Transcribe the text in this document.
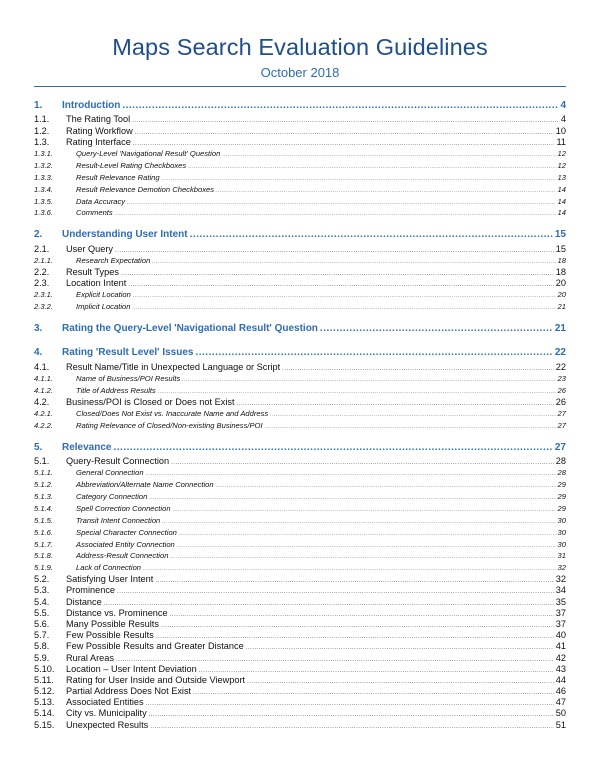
Maps Search Evaluation Guidelines
October 2018
1.	Introduction .....	4
1.1.	The Rating Tool .....	4
1.2.	Rating Workflow .....	10
1.3.	Rating Interface .....	11
1.3.1.	Query-Level 'Navigational Result' Question .....	12
1.3.2.	Result-Level Rating Checkboxes .....	12
1.3.3.	Result Relevance Rating .....	13
1.3.4.	Result Relevance Demotion Checkboxes .....	14
1.3.5.	Data Accuracy .....	14
1.3.6.	Comments .....	14
2.	Understanding User Intent .....	15
2.1.	User Query .....	15
2.1.1.	Research Expectation .....	18
2.2.	Result Types .....	18
2.3.	Location Intent .....	20
2.3.1.	Explicit Location .....	20
2.3.2.	Implicit Location .....	21
3.	Rating the Query-Level 'Navigational Result' Question .....	21
4.	Rating 'Result Level' Issues .....	22
4.1.	Result Name/Title in Unexpected Language or Script .....	22
4.1.1.	Name of Business/POI Results .....	23
4.1.2.	Title of Address Results .....	26
4.2.	Business/POI is Closed or Does not Exist .....	26
4.2.1.	Closed/Does Not Exist vs. Inaccurate Name and Address .....	27
4.2.2.	Rating Relevance of Closed/Non-existing Business/POI .....	27
5.	Relevance .....	27
5.1.	Query-Result Connection .....	28
5.1.1.	General Connection .....	28
5.1.2.	Abbreviation/Alternate Name Connection .....	29
5.1.3.	Category Connection .....	29
5.1.4.	Spell Correction Connection .....	29
5.1.5.	Transit Intent Connection .....	30
5.1.6.	Special Character Connection .....	30
5.1.7.	Associated Entity Connection .....	30
5.1.8.	Address-Result Connection .....	31
5.1.9.	Lack of Connection .....	32
5.2.	Satisfying User Intent .....	32
5.3.	Prominence .....	34
5.4.	Distance .....	35
5.5.	Distance vs. Prominence .....	37
5.6.	Many Possible Results .....	37
5.7.	Few Possible Results .....	40
5.8.	Few Possible Results and Greater Distance .....	41
5.9.	Rural Areas .....	42
5.10.	Location – User Intent Deviation .....	43
5.11.	Rating for User Inside and Outside Viewport .....	44
5.12.	Partial Address Does Not Exist .....	46
5.13.	Associated Entities .....	47
5.14.	City vs. Municipality .....	50
5.15.	Unexpected Results .....	51
